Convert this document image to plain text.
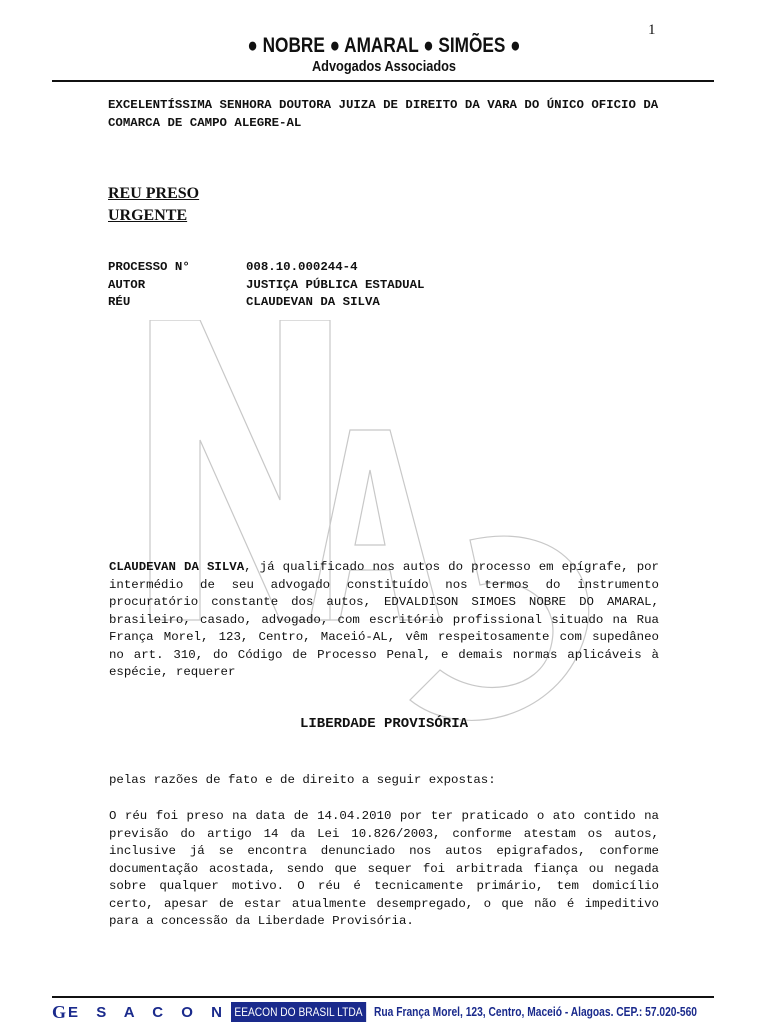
1
● NOBRE ● AMARAL ● SIMÕES ●
Advogados Associados
EXCELENTÍSSIMA SENHORA DOUTORA JUIZA DE DIREITO DA VARA DO ÚNICO OFICIO DA COMARCA DE CAMPO ALEGRE-AL
REU PRESO
URGENTE
PROCESSO N°	008.10.000244-4
AUTOR	JUSTIÇA PÚBLICA ESTADUAL
RÉU	CLAUDEVAN DA SILVA
CLAUDEVAN DA SILVA, já qualificado nos autos do processo em epígrafe, por intermédio de seu advogado constituído nos termos do instrumento procuratório constante dos autos, EDVALDISON SIMOES NOBRE DO AMARAL, brasileiro, casado, advogado, com escritório profissional situado na Rua França Morel, 123, Centro, Maceió-AL, vêm respeitosamente com supedâneo no art. 310, do Código de Processo Penal, e demais normas aplicáveis à espécie, requerer
LIBERDADE PROVISÓRIA
pelas razões de fato e de direito a seguir expostas:
O réu foi preso na data de 14.04.2010 por ter praticado o ato contido na previsão do artigo 14 da Lei 10.826/2003, conforme atestam os autos, inclusive já se encontra denunciado nos autos epigrafados, conforme documentação acostada, sendo que sequer foi arbitrada fiança ou negada sobre qualquer motivo. O réu é tecnicamente primário, tem domicílio certo, apesar de estar atualmente desempregado, o que não é impeditivo para a concessão da Liberdade Provisória.
G E S A C O N EEACON DO BRASIL LTDA Rua França Morel, 123, Centro, Maceió - Alagoas. CEP.: 57.020-560
